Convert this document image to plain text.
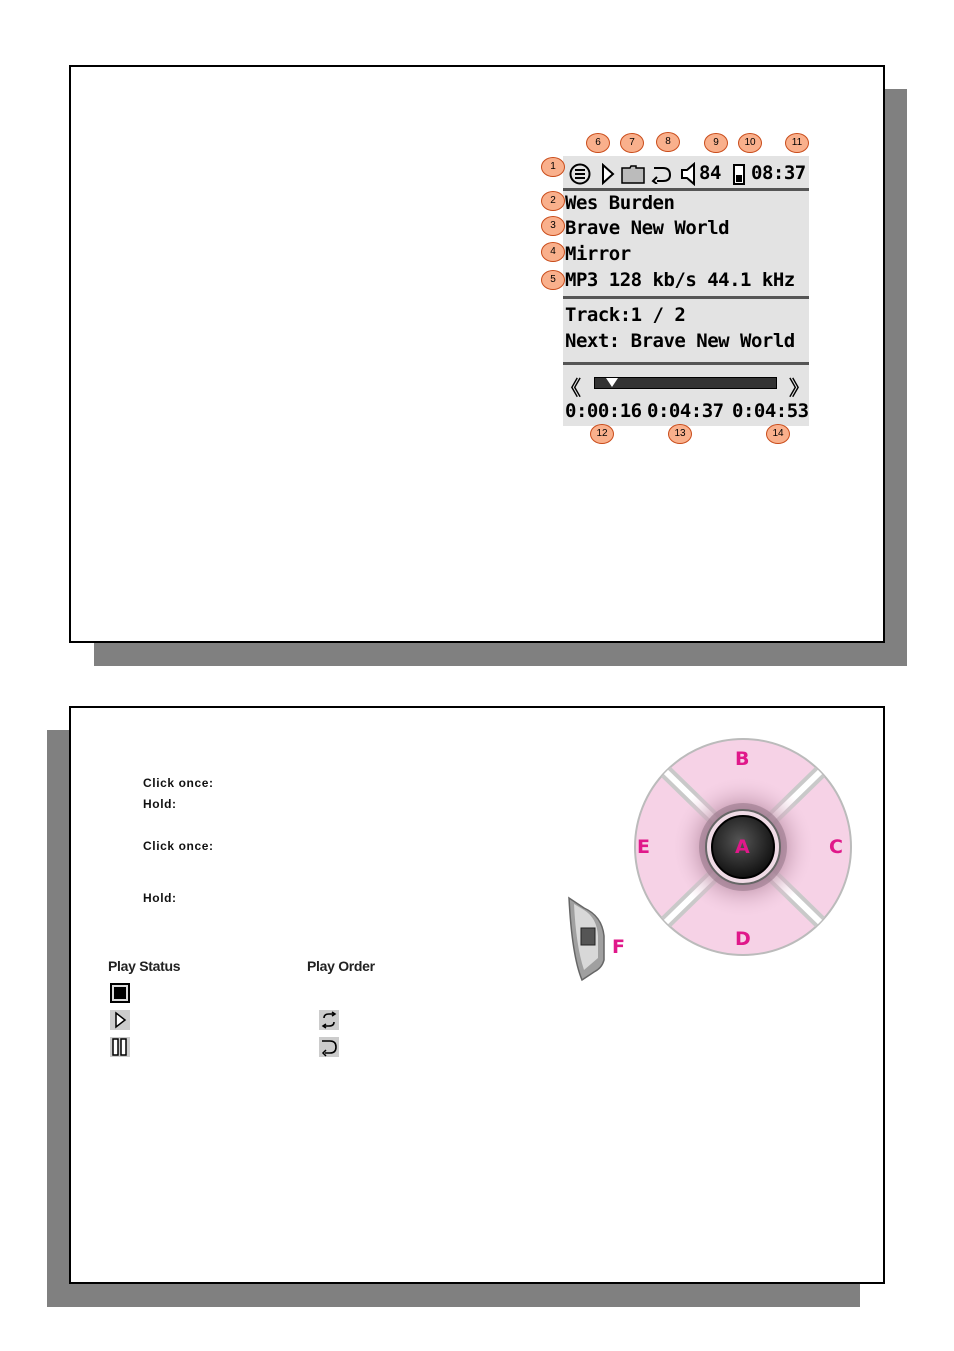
84 08:37
Wes Burden
Brave New World
Mirror
MP3 128 kb/s 44.1 kHz
Track:1 / 2
Next: Brave New World
《	》
0:00:16 0:04:37 0:04:53
1
2
3
4
5
6	7	8	9	10	11
12	13	14
Click once:
Hold:
Click once:
Hold:
Play Status	Play Order
A
B
C
D
E
F
